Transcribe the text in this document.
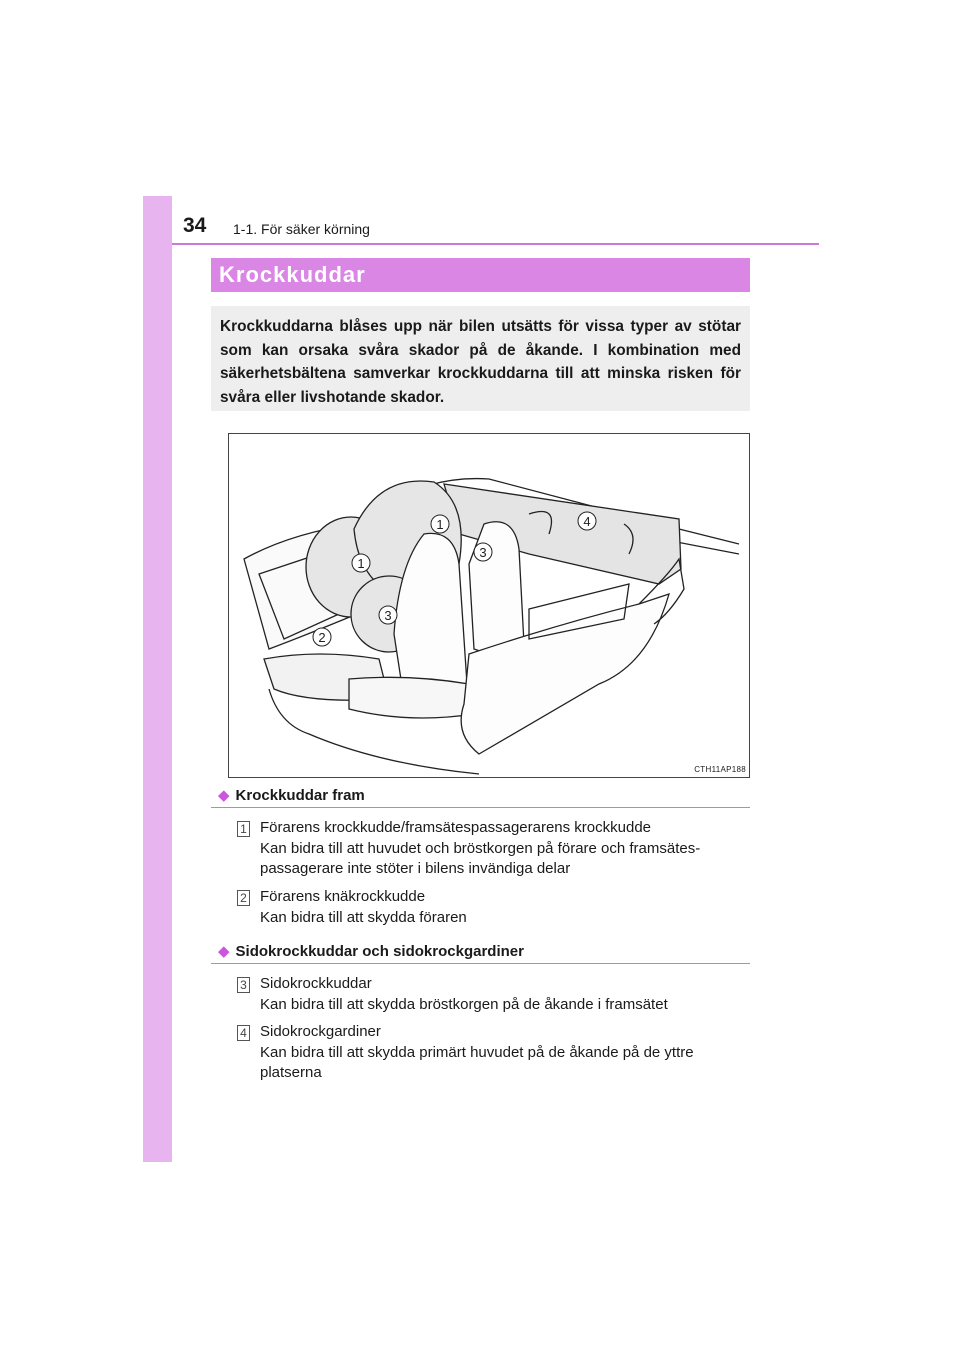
34 1-1. För säker körning
Krockkuddar
Krockkuddarna blåses upp när bilen utsätts för vissa typer av stötar som kan orsaka svåra skador på de åkande. I kombination med säkerhetsbältena samverkar krockkuddarna till att minska risken för svåra eller livshotande skador.
1
1
2
3
3
4
CTH11AP188
◆ Krockkuddar fram
1 Förarens krockkudde/framsätespassagerarens krockkudde
Kan bidra till att huvudet och bröstkorgen på förare och framsätes-
passagerare inte stöter i bilens invändiga delar
2 Förarens knäkrockkudde
Kan bidra till att skydda föraren
◆ Sidokrockkuddar och sidokrockgardiner
3 Sidokrockkuddar
Kan bidra till att skydda bröstkorgen på de åkande i framsätet
4 Sidokrockgardiner
Kan bidra till att skydda primärt huvudet på de åkande på de yttre
platserna
